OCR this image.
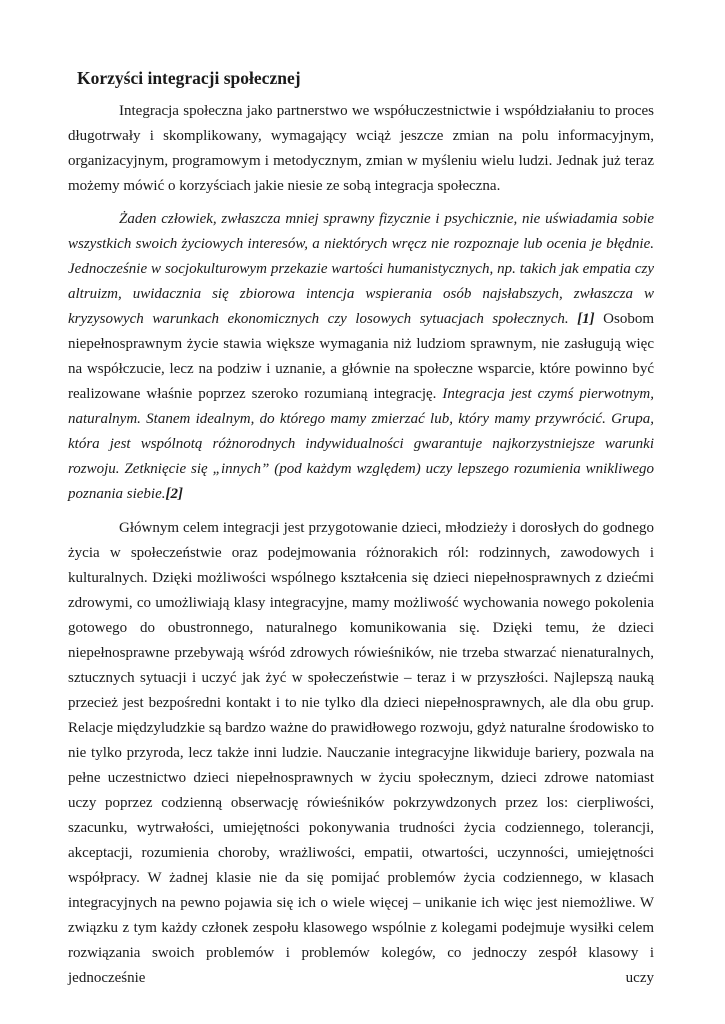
Korzyści integracji społecznej

Integracja społeczna jako partnerstwo we współuczestnictwie i współdziałaniu to proces długotrwały i skomplikowany, wymagający wciąż jeszcze zmian na polu informacyjnym, organizacyjnym, programowym i metodycznym, zmian w myśleniu wielu ludzi. Jednak już teraz możemy mówić o korzyściach jakie niesie ze sobą integracja społeczna.

Żaden człowiek, zwłaszcza mniej sprawny fizycznie i psychicznie, nie uświadamia sobie wszystkich swoich życiowych interesów, a niektórych wręcz nie rozpoznaje lub ocenia je błędnie. Jednocześnie w socjokulturowym przekazie wartości humanistycznych, np. takich jak empatia czy altruizm, uwidacznia się zbiorowa intencja wspierania osób najsłabszych, zwłaszcza w kryzysowych warunkach ekonomicznych czy losowych sytuacjach społecznych. [1] Osobom niepełnosprawnym życie stawia większe wymagania niż ludziom sprawnym, nie zasługują więc na współczucie, lecz na podziw i uznanie, a głównie na społeczne wsparcie, które powinno być realizowane właśnie poprzez szeroko rozumianą integrację. Integracja jest czymś pierwotnym, naturalnym. Stanem idealnym, do którego mamy zmierzać lub, który mamy przywrócić. Grupa, która jest wspólnotą różnorodnych indywidualności gwarantuje najkorzystniejsze warunki rozwoju. Zetknięcie się „innych” (pod każdym względem) uczy lepszego rozumienia wnikliwego poznania siebie.[2]

Głównym celem integracji jest przygotowanie dzieci, młodzieży i dorosłych do godnego życia w społeczeństwie oraz podejmowania różnorakich ról: rodzinnych, zawodowych i kulturalnych. Dzięki możliwości wspólnego kształcenia się dzieci niepełnosprawnych z dziećmi zdrowymi, co umożliwiają klasy integracyjne, mamy możliwość wychowania nowego pokolenia gotowego do obustronnego, naturalnego komunikowania się. Dzięki temu, że dzieci niepełnosprawne przebywają wśród zdrowych rówieśników, nie trzeba stwarzać nienaturalnych, sztucznych sytuacji i uczyć jak żyć w społeczeństwie – teraz i w przyszłości. Najlepszą nauką przecież jest bezpośredni kontakt i to nie tylko dla dzieci niepełnosprawnych, ale dla obu grup. Relacje międzyludzkie są bardzo ważne do prawidłowego rozwoju, gdyż naturalne środowisko to nie tylko przyroda, lecz także inni ludzie. Nauczanie integracyjne likwiduje bariery, pozwala na pełne uczestnictwo dzieci niepełnosprawnych w życiu społecznym, dzieci zdrowe natomiast uczy poprzez codzienną obserwację rówieśników pokrzywdzonych przez los: cierpliwości, szacunku, wytrwałości, umiejętności pokonywania trudności życia codziennego, tolerancji, akceptacji, rozumienia choroby, wrażliwości, empatii, otwartości, uczynności, umiejętności współpracy. W żadnej klasie nie da się pomijać problemów życia codziennego, w klasach integracyjnych na pewno pojawia się ich o wiele więcej – unikanie ich więc jest niemożliwe. W związku z tym każdy członek zespołu klasowego wspólnie z kolegami podejmuje wysiłki celem rozwiązania swoich problemów i problemów kolegów, co jednoczy zespół klasowy i jednocześnie uczy
